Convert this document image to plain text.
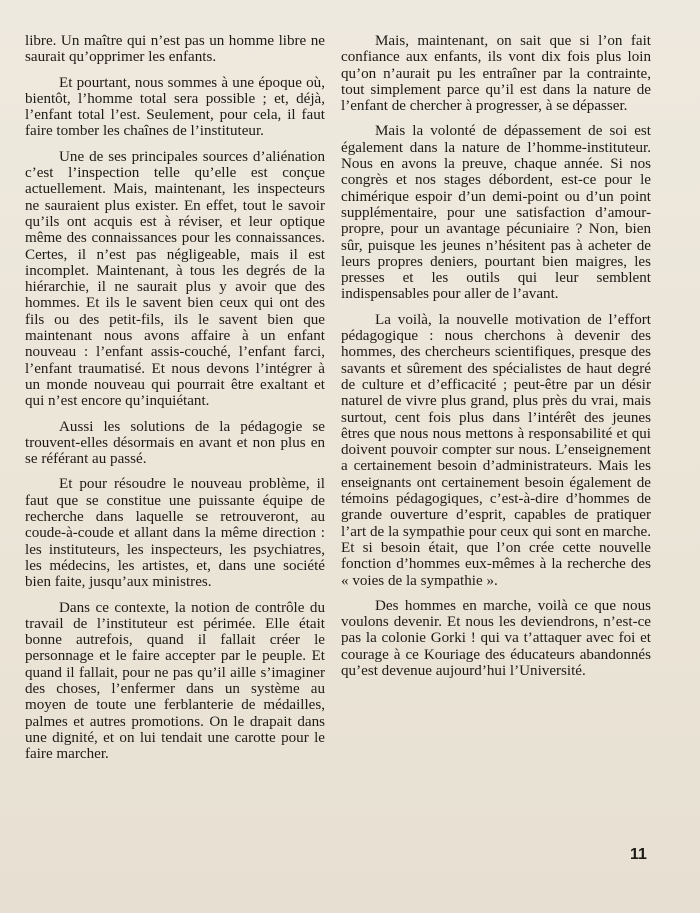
libre. Un maître qui n’est pas un homme libre ne saurait qu’opprimer les enfants.

Et pourtant, nous sommes à une époque où, bientôt, l’homme total sera possible ; et, déjà, l’enfant total l’est. Seulement, pour cela, il faut faire tomber les chaînes de l’instituteur.

Une de ses principales sources d’aliénation c’est l’inspection telle qu’elle est conçue actuellement. Mais, maintenant, les inspecteurs ne sauraient plus exister. En effet, tout le savoir qu’ils ont acquis est à réviser, et leur optique même des connaissances pour les connaissances. Certes, il n’est pas négligeable, mais il est incomplet. Maintenant, à tous les degrés de la hiérarchie, il ne saurait plus y avoir que des hommes. Et ils le savent bien ceux qui ont des fils ou des petit-fils, ils le savent bien que maintenant nous avons affaire à un enfant nouveau : l’enfant assis-couché, l’enfant farci, l’enfant traumatisé. Et nous devons l’intégrer à un monde nouveau qui pourrait être exaltant et qui n’est encore qu’inquiétant.

Aussi les solutions de la pédagogie se trouvent-elles désormais en avant et non plus en se référant au passé.

Et pour résoudre le nouveau problème, il faut que se constitue une puissante équipe de recherche dans laquelle se retrouveront, au coude-à-coude et allant dans la même direction : les instituteurs, les inspecteurs, les psychiatres, les médecins, les artistes, et, dans une société bien faite, jusqu’aux ministres.

Dans ce contexte, la notion de contrôle du travail de l’instituteur est périmée. Elle était bonne autrefois, quand il fallait créer le personnage et le faire accepter par le peuple. Et quand il fallait, pour ne pas qu’il aille s’imaginer des choses, l’enfermer dans un système au moyen de toute une ferblanterie de médailles, palmes et autres promotions. On le drapait dans une dignité, et on lui tendait une carotte pour le faire marcher.

Mais, maintenant, on sait que si l’on fait confiance aux enfants, ils vont dix fois plus loin qu’on n’aurait pu les entraîner par la contrainte, tout simplement parce qu’il est dans la nature de l’enfant de chercher à progresser, à se dépasser.

Mais la volonté de dépassement de soi est également dans la nature de l’homme-instituteur. Nous en avons la preuve, chaque année. Si nos congrès et nos stages débordent, est-ce pour le chimérique espoir d’un demi-point ou d’un point supplémentaire, pour une satisfaction d’amour-propre, pour un avantage pécuniaire ? Non, bien sûr, puisque les jeunes n’hésitent pas à acheter de leurs propres deniers, pourtant bien maigres, les presses et les outils qui leur semblent indispensables pour aller de l’avant.

La voilà, la nouvelle motivation de l’effort pédagogique : nous cherchons à devenir des hommes, des chercheurs scientifiques, presque des savants et sûrement des spécialistes de haut degré de culture et d’efficacité ; peut-être par un désir naturel de vivre plus grand, plus près du vrai, mais surtout, cent fois plus dans l’intérêt des jeunes êtres que nous nous mettons à responsabilité et qui doivent pouvoir compter sur nous. L’enseignement a certainement besoin d’administrateurs. Mais les enseignants ont certainement besoin également de témoins pédagogiques, c’est-à-dire d’hommes de grande ouverture d’esprit, capables de pratiquer l’art de la sympathie pour ceux qui sont en marche. Et si besoin était, que l’on crée cette nouvelle fonction d’hommes eux-mêmes à la recherche des « voies de la sympathie ».

Des hommes en marche, voilà ce que nous voulons devenir. Et nous les deviendrons, n’est-ce pas la colonie Gorki ! qui va t’attaquer avec foi et courage à ce Kouriage des éducateurs abandonnés qu’est devenue aujourd’hui l’Université.

11
